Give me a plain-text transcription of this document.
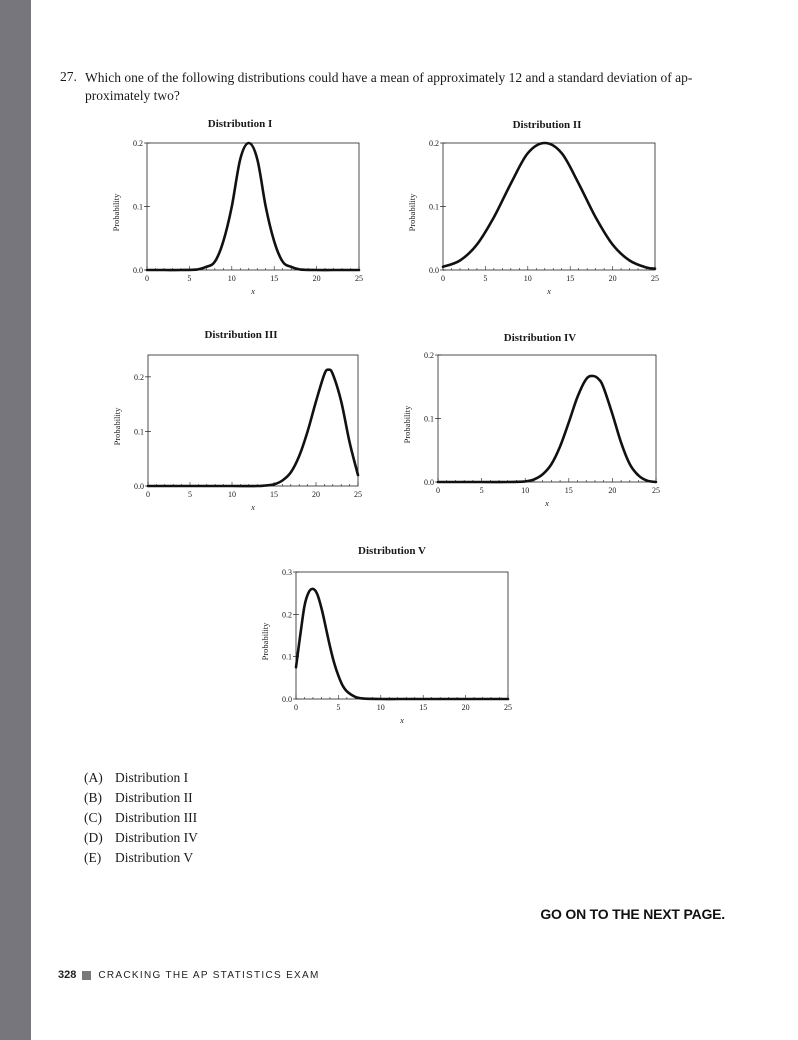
27. Which one of the following distributions could have a mean of approximately 12 and a standard deviation of ap-proximately two?
Distribution I
0	5	10	15	20	25
0.0
0.1
0.2
x
Probability
Distribution II
0	5	10	15	20	25
0.0
0.1
0.2
x
Probability
Distribution III
0	5	10	15	20	25
0.0
0.1
0.2
x
Probability
Distribution IV
0	5	10	15	20	25
0.0
0.1
0.2
x
Probability
Distribution V
0	5	10	15	20	25
0.0
0.1
0.2
0.3
x
Probability
(A) Distribution I
(B) Distribution II
(C) Distribution III
(D) Distribution IV
(E)	Distribution V
GO ON TO THE NEXT PAGE.
328 CRACKING THE AP STATISTICS EXAM
